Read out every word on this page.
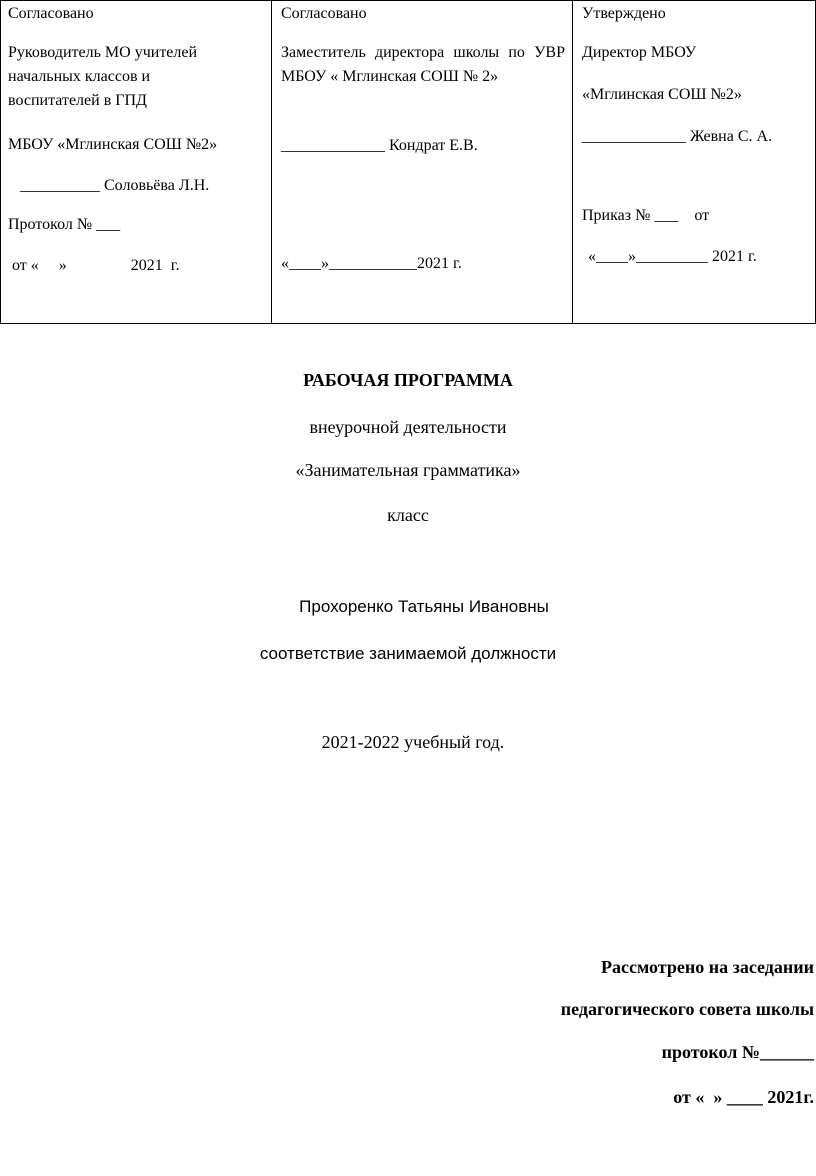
Согласовано
Руководитель МО учителей
начальных классов и
воспитателей в ГПД
МБОУ «Мглинская СОШ №2»
__________ Соловьёва Л.Н.
Протокол № ___
от «     »                2021  г.
Согласовано
Заместитель директора школы по УВР МБОУ « Мглинская СОШ № 2»
_____________ Кондрат Е.В.
«____»___________2021 г.
Утверждено
Директор МБОУ
«Мглинская СОШ №2»
_____________ Жевна С. А.
Приказ № ___    от
«____»_________ 2021 г.
РАБОЧАЯ ПРОГРАММА
внеурочной деятельности
«Занимательная грамматика»
класс
Прохоренко Татьяны Ивановны
соответствие занимаемой должности
2021-2022 учебный год.
Рассмотрено на заседании
педагогического совета школы
протокол №______
от «  » ____ 2021г.
